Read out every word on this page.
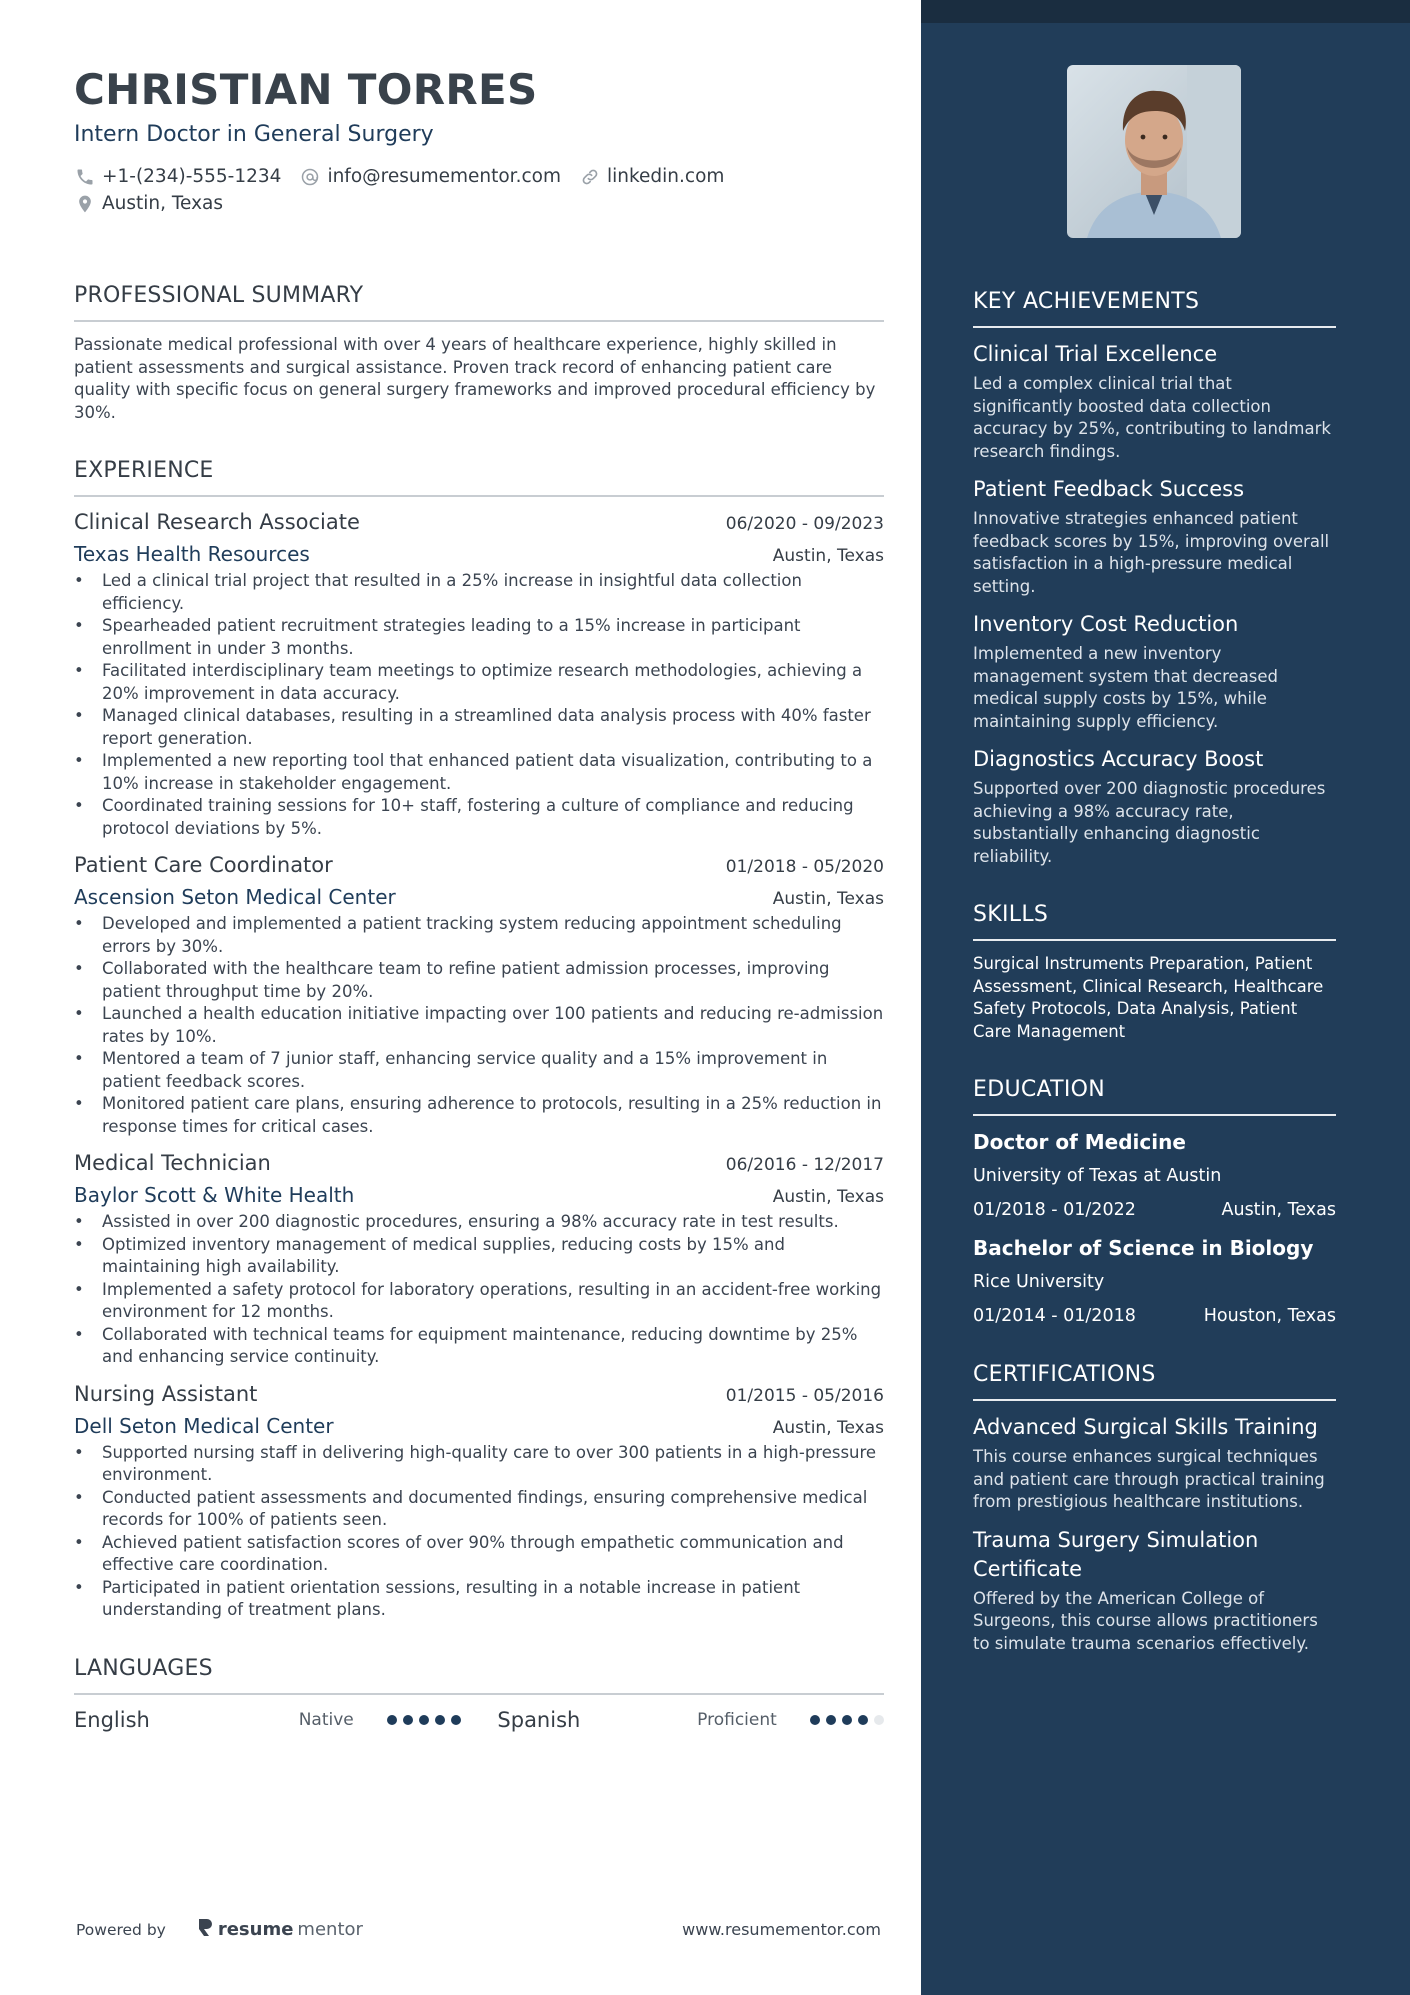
CHRISTIAN TORRES
Intern Doctor in General Surgery
+1-(234)-555-1234 info@resumementor.com linkedin.com
Austin, Texas
PROFESSIONAL SUMMARY
Passionate medical professional with over 4 years of healthcare experience, highly skilled in patient assessments and surgical assistance. Proven track record of enhancing patient care quality with specific focus on general surgery frameworks and improved procedural efficiency by 30%.
EXPERIENCE
Clinical Research Associate	06/2020 - 09/2023
Texas Health Resources	Austin, Texas
• Led a clinical trial project that resulted in a 25% increase in insightful data collection efficiency.
• Spearheaded patient recruitment strategies leading to a 15% increase in participant enrollment in under 3 months.
• Facilitated interdisciplinary team meetings to optimize research methodologies, achieving a 20% improvement in data accuracy.
• Managed clinical databases, resulting in a streamlined data analysis process with 40% faster report generation.
• Implemented a new reporting tool that enhanced patient data visualization, contributing to a 10% increase in stakeholder engagement.
• Coordinated training sessions for 10+ staff, fostering a culture of compliance and reducing protocol deviations by 5%.
Patient Care Coordinator	01/2018 - 05/2020
Ascension Seton Medical Center	Austin, Texas
• Developed and implemented a patient tracking system reducing appointment scheduling errors by 30%.
• Collaborated with the healthcare team to refine patient admission processes, improving patient throughput time by 20%.
• Launched a health education initiative impacting over 100 patients and reducing re-admission rates by 10%.
• Mentored a team of 7 junior staff, enhancing service quality and a 15% improvement in patient feedback scores.
• Monitored patient care plans, ensuring adherence to protocols, resulting in a 25% reduction in response times for critical cases.
Medical Technician	06/2016 - 12/2017
Baylor Scott & White Health	Austin, Texas
• Assisted in over 200 diagnostic procedures, ensuring a 98% accuracy rate in test results.
• Optimized inventory management of medical supplies, reducing costs by 15% and maintaining high availability.
• Implemented a safety protocol for laboratory operations, resulting in an accident-free working environment for 12 months.
• Collaborated with technical teams for equipment maintenance, reducing downtime by 25% and enhancing service continuity.
Nursing Assistant	01/2015 - 05/2016
Dell Seton Medical Center	Austin, Texas
• Supported nursing staff in delivering high-quality care to over 300 patients in a high-pressure environment.
• Conducted patient assessments and documented findings, ensuring comprehensive medical records for 100% of patients seen.
• Achieved patient satisfaction scores of over 90% through empathetic communication and effective care coordination.
• Participated in patient orientation sessions, resulting in a notable increase in patient understanding of treatment plans.
LANGUAGES
English	Native	Spanish	Proficient
Powered by	resume mentor	www.resumementor.com
KEY ACHIEVEMENTS
Clinical Trial Excellence
Led a complex clinical trial that significantly boosted data collection accuracy by 25%, contributing to landmark research findings.
Patient Feedback Success
Innovative strategies enhanced patient feedback scores by 15%, improving overall satisfaction in a high-pressure medical setting.
Inventory Cost Reduction
Implemented a new inventory management system that decreased medical supply costs by 15%, while maintaining supply efficiency.
Diagnostics Accuracy Boost
Supported over 200 diagnostic procedures achieving a 98% accuracy rate, substantially enhancing diagnostic reliability.
SKILLS
Surgical Instruments Preparation, Patient Assessment, Clinical Research, Healthcare Safety Protocols, Data Analysis, Patient Care Management
EDUCATION
Doctor of Medicine
University of Texas at Austin
01/2018 - 01/2022	Austin, Texas
Bachelor of Science in Biology
Rice University
01/2014 - 01/2018	Houston, Texas
CERTIFICATIONS
Advanced Surgical Skills Training
This course enhances surgical techniques and patient care through practical training from prestigious healthcare institutions.
Trauma Surgery Simulation Certificate
Offered by the American College of Surgeons, this course allows practitioners to simulate trauma scenarios effectively.
